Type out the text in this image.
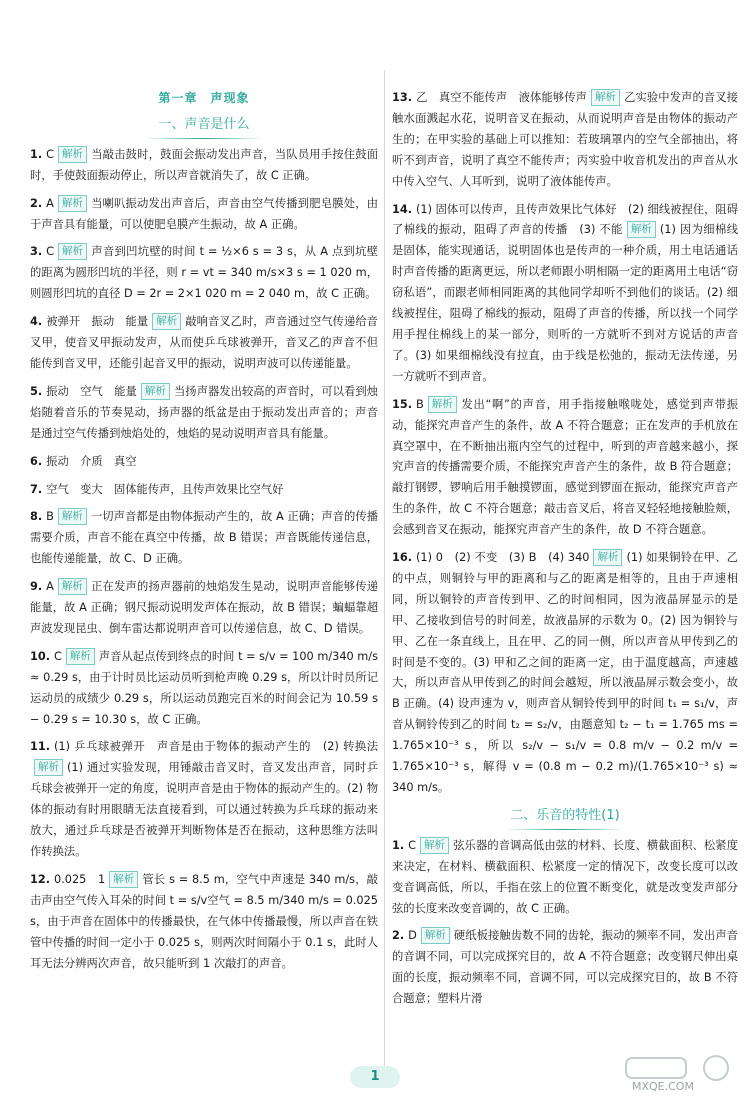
第一章　声现象
一、声音是什么
1. C 解析 当敲击鼓时，鼓面会振动发出声音，当队员用手按住鼓面时，手使鼓面振动停止，所以声音就消失了，故 C 正确。
2. A 解析 当喇叭振动发出声音后，声音由空气传播到肥皂膜处，由于声音具有能量，可以使肥皂膜产生振动，故 A 正确。
3. C 解析 声音到凹坑壁的时间 t = ½×6 s = 3 s，从 A 点到坑壁的距离为圆形凹坑的半径，则 r = vt = 340 m/s×3 s = 1 020 m，则圆形凹坑的直径 D = 2r = 2×1 020 m = 2 040 m，故 C 正确。
4. 被弹开　振动　能量 解析 敲响音叉乙时，声音通过空气传递给音叉甲，使音叉甲振动发声，从而使乒乓球被弹开，音叉乙的声音不但能传到音叉甲，还能引起音叉甲的振动，说明声波可以传递能量。
5. 振动　空气　能量 解析 当扬声器发出较高的声音时，可以看到烛焰随着音乐的节奏晃动，扬声器的纸盆是由于振动发出声音的；声音是通过空气传播到烛焰处的，烛焰的晃动说明声音具有能量。
6. 振动　介质　真空
7. 空气　变大　固体能传声，且传声效果比空气好
8. B 解析 一切声音都是由物体振动产生的，故 A 正确；声音的传播需要介质，声音不能在真空中传播，故 B 错误；声音既能传递信息，也能传递能量，故 C、D 正确。
9. A 解析 正在发声的扬声器前的烛焰发生晃动，说明声音能够传递能量，故 A 正确；钢尺振动说明发声体在振动，故 B 错误；蝙蝠靠超声波发现昆虫、倒车雷达都说明声音可以传递信息，故 C、D 错误。
10. C 解析 声音从起点传到终点的时间 t = s/v = 100 m/340 m/s ≈ 0.29 s，由于计时员比运动员听到枪声晚 0.29 s，所以计时员所记运动员的成绩少 0.29 s，所以运动员跑完百米的时间会记为 10.59 s − 0.29 s = 10.30 s，故 C 正确。
11. (1) 乒乓球被弹开　声音是由于物体的振动产生的　(2) 转换法解析 (1) 通过实验发现，用锤敲击音叉时，音叉发出声音，同时乒乓球会被弹开一定的角度，说明声音是由于物体的振动产生的。(2) 物体的振动有时用眼睛无法直接看到，可以通过转换为乒乓球的振动来放大，通过乒乓球是否被弹开判断物体是否在振动，这种思维方法叫作转换法。
12. 0.025　1 解析 管长 s = 8.5 m，空气中声速是 340 m/s，敲击声由空气传入耳朵的时间 t = s/v空气 = 8.5 m/340 m/s = 0.025 s，由于声音在固体中的传播最快，在气体中传播最慢，所以声音在铁管中传播的时间一定小于 0.025 s，则两次时间隔小于 0.1 s，此时人耳无法分辨两次声音，故只能听到 1 次敲打的声音。
13. 乙　真空不能传声　液体能够传声 解析 乙实验中发声的音叉接触水面溅起水花，说明音叉在振动，从而说明声音是由物体的振动产生的；在甲实验的基础上可以推知：若玻璃罩内的空气全部抽出，将听不到声音，说明了真空不能传声；丙实验中收音机发出的声音从水中传入空气、人耳听到，说明了液体能传声。
14. (1) 固体可以传声，且传声效果比气体好　(2) 细线被捏住，阻碍了棉线的振动，阻碍了声音的传播　(3) 不能 解析 (1) 因为细棉线是固体，能实现通话，说明固体也是传声的一种介质，用土电话通话时声音传播的距离更远，所以老师跟小明相隔一定的距离用土电话“窃窃私语”，而跟老师相同距离的其他同学却听不到他们的谈话。(2) 细线被捏住，阻碍了棉线的振动，阻碍了声音的传播，所以找一个同学用手捏住棉线上的某一部分，则听的一方就听不到对方说话的声音了。(3) 如果细棉线没有拉直，由于线是松弛的，振动无法传递，另一方就听不到声音。
15. B 解析 发出“啊”的声音，用手指接触喉咙处，感觉到声带振动，能探究声音产生的条件，故 A 不符合题意；正在发声的手机放在真空罩中，在不断抽出瓶内空气的过程中，听到的声音越来越小，探究声音的传播需要介质，不能探究声音产生的条件，故 B 符合题意；敲打钢锣，锣响后用手触摸锣面，感觉到锣面在振动，能探究声音产生的条件，故 C 不符合题意；敲击音叉后，将音叉轻轻地接触脸颊，会感到音叉在振动，能探究声音产生的条件，故 D 不符合题意。
16. (1) 0　(2) 不变　(3) B　(4) 340 解析 (1) 如果铜铃在甲、乙的中点，则铜铃与甲的距离和与乙的距离是相等的，且由于声速相同，所以铜铃的声音传到甲、乙的时间相同，因为液晶屏显示的是甲、乙接收到信号的时间差，故液晶屏的示数为 0。(2) 因为铜铃与甲、乙在一条直线上，且在甲、乙的同一侧，所以声音从甲传到乙的时间是不变的。(3) 甲和乙之间的距离一定，由于温度越高，声速越大，所以声音从甲传到乙的时间会越短，所以液晶屏示数会变小，故 B 正确。(4) 设声速为 v，则声音从铜铃传到甲的时间 t₁ = s₁/v，声音从铜铃传到乙的时间 t₂ = s₂/v，由题意知 t₂ − t₁ = 1.765 ms = 1.765×10⁻³ s，所以 s₂/v − s₁/v = 0.8 m/v − 0.2 m/v = 1.765×10⁻³ s，解得 v = (0.8 m − 0.2 m)/(1.765×10⁻³ s) ≈ 340 m/s。
二、乐音的特性(1)
1. C 解析 弦乐器的音调高低由弦的材料、长度、横截面积、松紧度来决定，在材料、横截面积、松紧度一定的情况下，改变长度可以改变音调高低，所以，手指在弦上的位置不断变化，就是改变发声部分弦的长度来改变音调的，故 C 正确。
2. D 解析 硬纸板接触齿数不同的齿轮，振动的频率不同，发出声音的音调不同，可以完成探究目的，故 A 不符合题意；改变钢尺伸出桌面的长度，振动频率不同，音调不同，可以完成探究目的，故 B 不符合题意；塑料片滑
1
MXQE.COM
